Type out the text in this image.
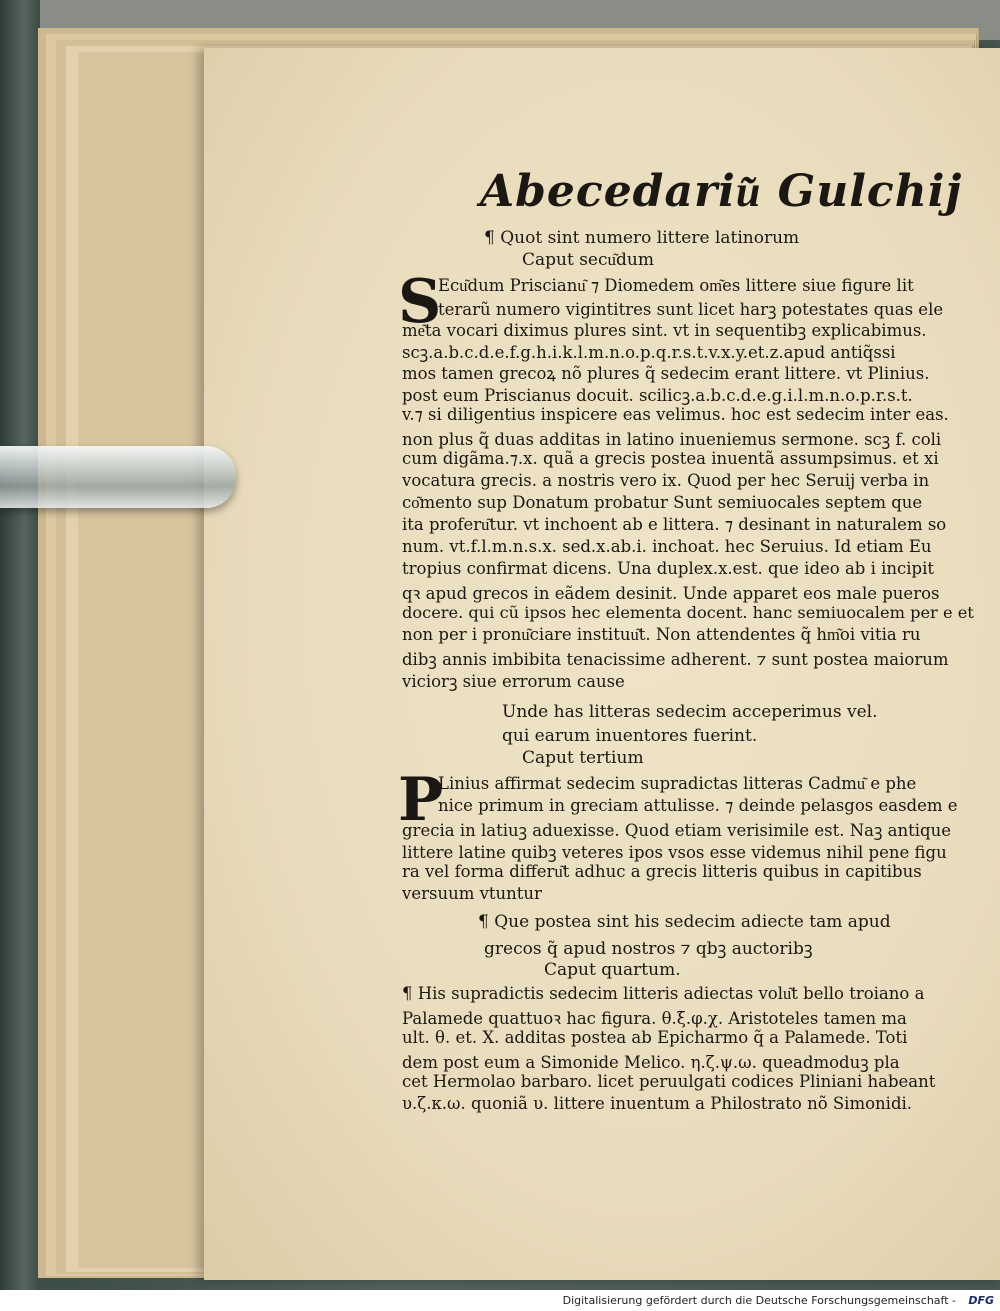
Abecedariu͂ Gulchij
¶ Quot sint numero littere latinorum
Caput secu͂dum
S
Ecu͂dum Priscianu͂ ⁊ Diomedem om͂es littere siue figure lit
terarũ numero vigintitres sunt licet harꝫ potestates quas ele
me͂ta vocari diximus plures sint. vt in sequentibꝫ explicabimus.
scꝫ.a.b.c.d.e.f.g.h.i.k.l.m.n.o.p.q.r.s.t.v.x.y.et.z.apud antiq̃ssi
mos tamen grecoꝝ nõ plures q̃ sedecim erant littere. vt Plinius.
post eum Priscianus docuit. scilicꝫ.a.b.c.d.e.g.i.l.m.n.o.p.r.s.t.
v.⁊ si diligentius inspicere eas velimus. hoc est sedecim inter eas.
non plus q̃ duas additas in latino inueniemus sermone. scꝫ f. coli
cum digãma.⁊.x. quã a grecis postea inuentã assumpsimus. et xi
vocatura grecis. a nostris vero ix. Quod per hec Seruij verba in
co͂mento sup Donatum probatur Sunt semiuocales septem que
ita proferu͂tur. vt inchoent ab e littera. ⁊ desinant in naturalem so
num. vt.f.l.m.n.s.x. sed.x.ab.i. inchoat. hec Seruius. Id etiam Eu
tropius confirmat dicens. Una duplex.x.est. que ideo ab i incipit
qꝛ apud grecos in eãdem desinit. Unde apparet eos male pueros
docere. qui cũ ipsos hec elementa docent. hanc semiuocalem per e et
non per i pronu͂ciare instituu͂t. Non attendentes q̃ hm͂oi vitia ru
dibꝫ annis imbibita tenacissime adherent. ⁊ sunt postea maiorum
viciorꝫ siue errorum cause
Unde has litteras sedecim acceperimus vel.
qui earum inuentores fuerint.
Caput tertium
P
Linius affirmat sedecim supradictas litteras Cadmu͂ e phe
nice primum in greciam attulisse. ⁊ deinde pelasgos easdem e
grecia in latiuꝫ aduexisse. Quod etiam verisimile est. Naꝫ antique
littere latine quibꝫ veteres ipos vsos esse videmus nihil pene figu
ra vel forma differu͂t adhuc a grecis litteris quibus in capitibus
versuum vtuntur
¶ Que postea sint his sedecim adiecte tam apud
grecos q̃ apud nostros ⁊ qbꝫ auctoribꝫ
Caput quartum.
¶ His supradictis sedecim litteris adiectas volu͂t bello troiano a
Palamede quattuoꝛ hac figura. θ.ξ.φ.χ. Aristoteles tamen ma
ult. θ. et. Χ. additas postea ab Epicharmo q̃ a Palamede. Toti
dem post eum a Simonide Melico. η.ζ.ψ.ω. queadmoduꝫ pla
cet Hermolao barbaro. licet peruulgati codices Pliniani habeant
υ.ζ.κ.ω. quoniã υ. littere inuentum a Philostrato nõ Simonidi.
Digitalisierung gefördert durch die Deutsche Forschungsgemeinschaft - DFG
